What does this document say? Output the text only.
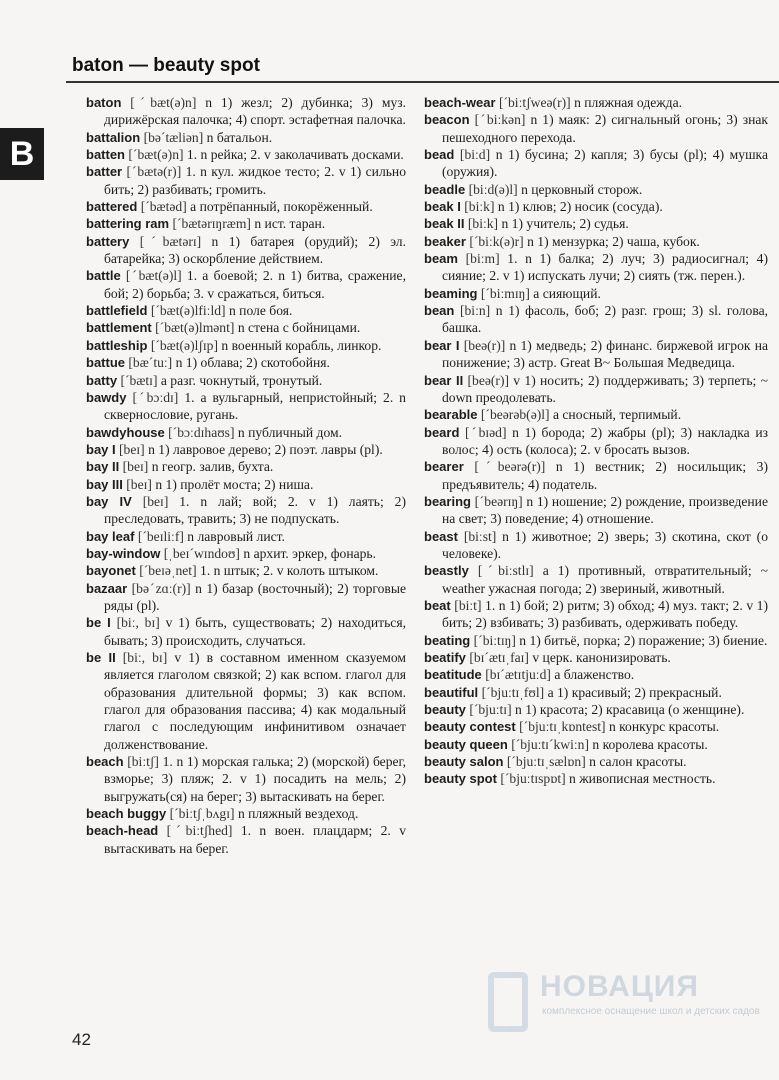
baton — beauty spot
B

baton [ˊbæt(ə)n] n 1) жезл; 2) дубинка; 3) муз. дирижёрская палочка; 4) спорт. эстафетная палочка.

battalion [bəˊtæliən] n батальон.

batten [ˊbæt(ə)n] 1. n рейка; 2. v заколачивать досками.

batter [ˊbætə(r)] 1. n кул. жидкое тесто; 2. v 1) сильно бить; 2) разбивать; громить.

battered [ˊbætəd] a потрёпанный, покорёженный.

battering ram [ˊbætərɪŋræm] n ист. таран.

battery [ˊbætərɪ] n 1) батарея (орудий); 2) эл. батарейка; 3) оскорбление действием.

battle [ˊbæt(ə)l] 1. a боевой; 2. n 1) битва, сражение, бой; 2) борьба; 3. v сражаться, биться.

battlefield [ˊbæt(ə)lfiːld] n поле боя.

battlement [ˊbæt(ə)lmənt] n стена с бойницами.

battleship [ˊbæt(ə)lʃɪp] n военный корабль, линкор.

battue [bæˊtuː] n 1) облава; 2) скотобойня.

batty [ˊbætɪ] a разг. чокнутый, тронутый.

bawdy [ˊbɔːdɪ] 1. a вульгарный, непристойный; 2. n сквернословие, ругань.

bawdyhouse [ˊbɔːdɪhaʊs] n публичный дом.

bay I [beɪ] n 1) лавровое дерево; 2) поэт. лавры (pl).

bay II [beɪ] n геогр. залив, бухта.

bay III [beɪ] n 1) пролёт моста; 2) ниша.

bay IV [beɪ] 1. n лай; вой; 2. v 1) лаять; 2) преследовать, травить; 3) не подпускать.

bay leaf [ˊbeɪliːf] n лавровый лист.

bay-window [ˌbeɪˊwɪndoʊ] n архит. эркер, фонарь.

bayonet [ˊbeɪəˌnet] 1. n штык; 2. v колоть штыком.

bazaar [bəˊzɑː(r)] n 1) базар (восточный); 2) торговые ряды (pl).

be I [biː, bɪ] v 1) быть, существовать; 2) находиться, бывать; 3) происходить, случаться.

be II [biː, bɪ] v 1) в составном именном сказуемом является глаголом связкой; 2) как вспом. глагол для образования длительной формы; 3) как вспом. глагол для образования пассива; 4) как модальный глагол с последующим инфинитивом означает долженствование.

beach [biːtʃ] 1. n 1) морская галька; 2) (морской) берег, взморье; 3) пляж; 2. v 1) посадить на мель; 2) выгружать(ся) на берег; 3) вытаскивать на берег.

beach buggy [ˊbiːtʃˌbʌgɪ] n пляжный вездеход.

beach-head [ˊbiːtʃhed] 1. n воен. плацдарм; 2. v вытаскивать на берег.

beach-wear [ˊbiːtʃweə(r)] n пляжная одежда.

beacon [ˊbiːkən] n 1) маяк: 2) сигнальный огонь; 3) знак пешеходного перехода.

bead [biːd] n 1) бусина; 2) капля; 3) бусы (pl); 4) мушка (оружия).

beadle [biːd(ə)l] n церковный сторож.

beak I [biːk] n 1) клюв; 2) носик (сосуда).

beak II [biːk] n 1) учитель; 2) судья.

beaker [ˊbiːk(ə)r] n 1) мензурка; 2) чаша, кубок.

beam [biːm] 1. n 1) балка; 2) луч; 3) радиосигнал; 4) сияние; 2. v 1) испускать лучи; 2) сиять (тж. перен.).

beaming [ˊbiːmɪŋ] a сияющий.

bean [biːn] n 1) фасоль, боб; 2) разг. грош; 3) sl. голова, башка.

bear I [beə(r)] n 1) медведь; 2) финанс. биржевой игрок на понижение; 3) астр. Great B~ Большая Медведица.

bear II [beə(r)] v 1) носить; 2) поддерживать; 3) терпеть; ~ down преодолевать.

bearable [ˊbeərəb(ə)l] a сносный, терпимый.

beard [ˊbɪəd] n 1) борода; 2) жабры (pl); 3) накладка из волос; 4) ость (колоса); 2. v бросать вызов.

bearer [ˊbeərə(r)] n 1) вестник; 2) носильщик; 3) предъявитель; 4) податель.

bearing [ˊbeərɪŋ] n 1) ношение; 2) рождение, произведение на свет; 3) поведение; 4) отношение.

beast [biːst] n 1) животное; 2) зверь; 3) скотина, скот (о человеке).

beastly [ˊbiːstlɪ] a 1) противный, отвратительный; ~ weather ужасная погода; 2) звериный, животный.

beat [biːt] 1. n 1) бой; 2) ритм; 3) обход; 4) муз. такт; 2. v 1) бить; 2) взбивать; 3) разбивать, одерживать победу.

beating [ˊbiːtɪŋ] n 1) битьё, порка; 2) поражение; 3) биение.

beatify [bɪˊætɪˌfaɪ] v церк. канонизировать.

beatitude [bɪˊætɪtjuːd] a блаженство.

beautiful [ˊbjuːtɪˌfʊl] a 1) красивый; 2) прекрасный.

beauty [ˊbjuːtɪ] n 1) красота; 2) красавица (о женщине).

beauty contest [ˊbjuːtɪˌkɒntest] n конкурс красоты.

beauty queen [ˊbjuːtɪˊkwiːn] n королева красоты.

beauty salon [ˊbjuːtɪˌsælɒn] n салон красоты.

beauty spot [ˊbjuːtɪspɒt] n живописная местность.

42
НОВАЦИЯ
комплексное оснащение школ и детских садов
